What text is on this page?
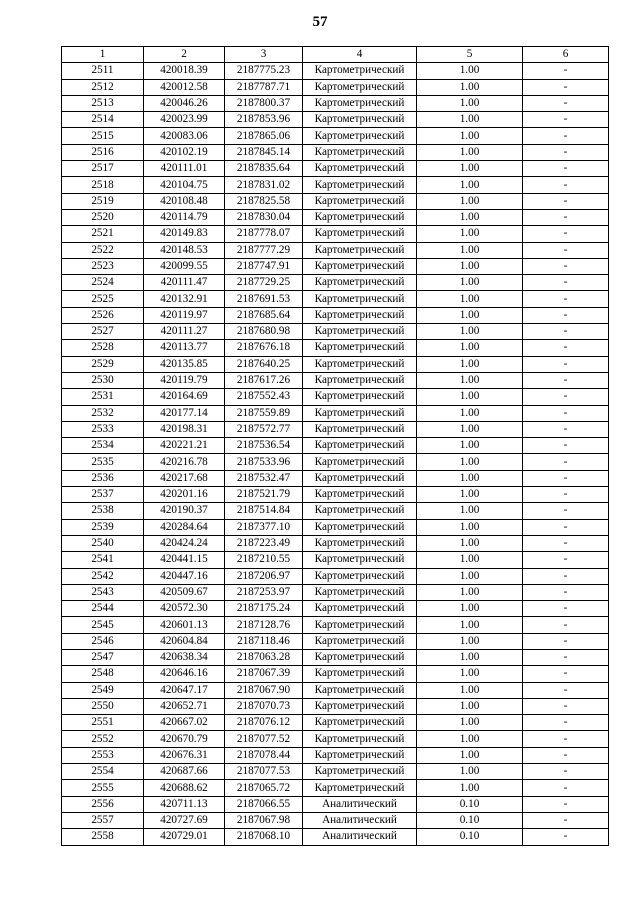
57
1	2	3	4	5	6
2511	420018.39	2187775.23	Картометрический	1.00	-
2512	420012.58	2187787.71	Картометрический	1.00	-
2513	420046.26	2187800.37	Картометрический	1.00	-
2514	420023.99	2187853.96	Картометрический	1.00	-
2515	420083.06	2187865.06	Картометрический	1.00	-
2516	420102.19	2187845.14	Картометрический	1.00	-
2517	420111.01	2187835.64	Картометрический	1.00	-
2518	420104.75	2187831.02	Картометрический	1.00	-
2519	420108.48	2187825.58	Картометрический	1.00	-
2520	420114.79	2187830.04	Картометрический	1.00	-
2521	420149.83	2187778.07	Картометрический	1.00	-
2522	420148.53	2187777.29	Картометрический	1.00	-
2523	420099.55	2187747.91	Картометрический	1.00	-
2524	420111.47	2187729.25	Картометрический	1.00	-
2525	420132.91	2187691.53	Картометрический	1.00	-
2526	420119.97	2187685.64	Картометрический	1.00	-
2527	420111.27	2187680.98	Картометрический	1.00	-
2528	420113.77	2187676.18	Картометрический	1.00	-
2529	420135.85	2187640.25	Картометрический	1.00	-
2530	420119.79	2187617.26	Картометрический	1.00	-
2531	420164.69	2187552.43	Картометрический	1.00	-
2532	420177.14	2187559.89	Картометрический	1.00	-
2533	420198.31	2187572.77	Картометрический	1.00	-
2534	420221.21	2187536.54	Картометрический	1.00	-
2535	420216.78	2187533.96	Картометрический	1.00	-
2536	420217.68	2187532.47	Картометрический	1.00	-
2537	420201.16	2187521.79	Картометрический	1.00	-
2538	420190.37	2187514.84	Картометрический	1.00	-
2539	420284.64	2187377.10	Картометрический	1.00	-
2540	420424.24	2187223.49	Картометрический	1.00	-
2541	420441.15	2187210.55	Картометрический	1.00	-
2542	420447.16	2187206.97	Картометрический	1.00	-
2543	420509.67	2187253.97	Картометрический	1.00	-
2544	420572.30	2187175.24	Картометрический	1.00	-
2545	420601.13	2187128.76	Картометрический	1.00	-
2546	420604.84	2187118.46	Картометрический	1.00	-
2547	420638.34	2187063.28	Картометрический	1.00	-
2548	420646.16	2187067.39	Картометрический	1.00	-
2549	420647.17	2187067.90	Картометрический	1.00	-
2550	420652.71	2187070.73	Картометрический	1.00	-
2551	420667.02	2187076.12	Картометрический	1.00	-
2552	420670.79	2187077.52	Картометрический	1.00	-
2553	420676.31	2187078.44	Картометрический	1.00	-
2554	420687.66	2187077.53	Картометрический	1.00	-
2555	420688.62	2187065.72	Картометрический	1.00	-
2556	420711.13	2187066.55	Аналитический	0.10	-
2557	420727.69	2187067.98	Аналитический	0.10	-
2558	420729.01	2187068.10	Аналитический	0.10	-
